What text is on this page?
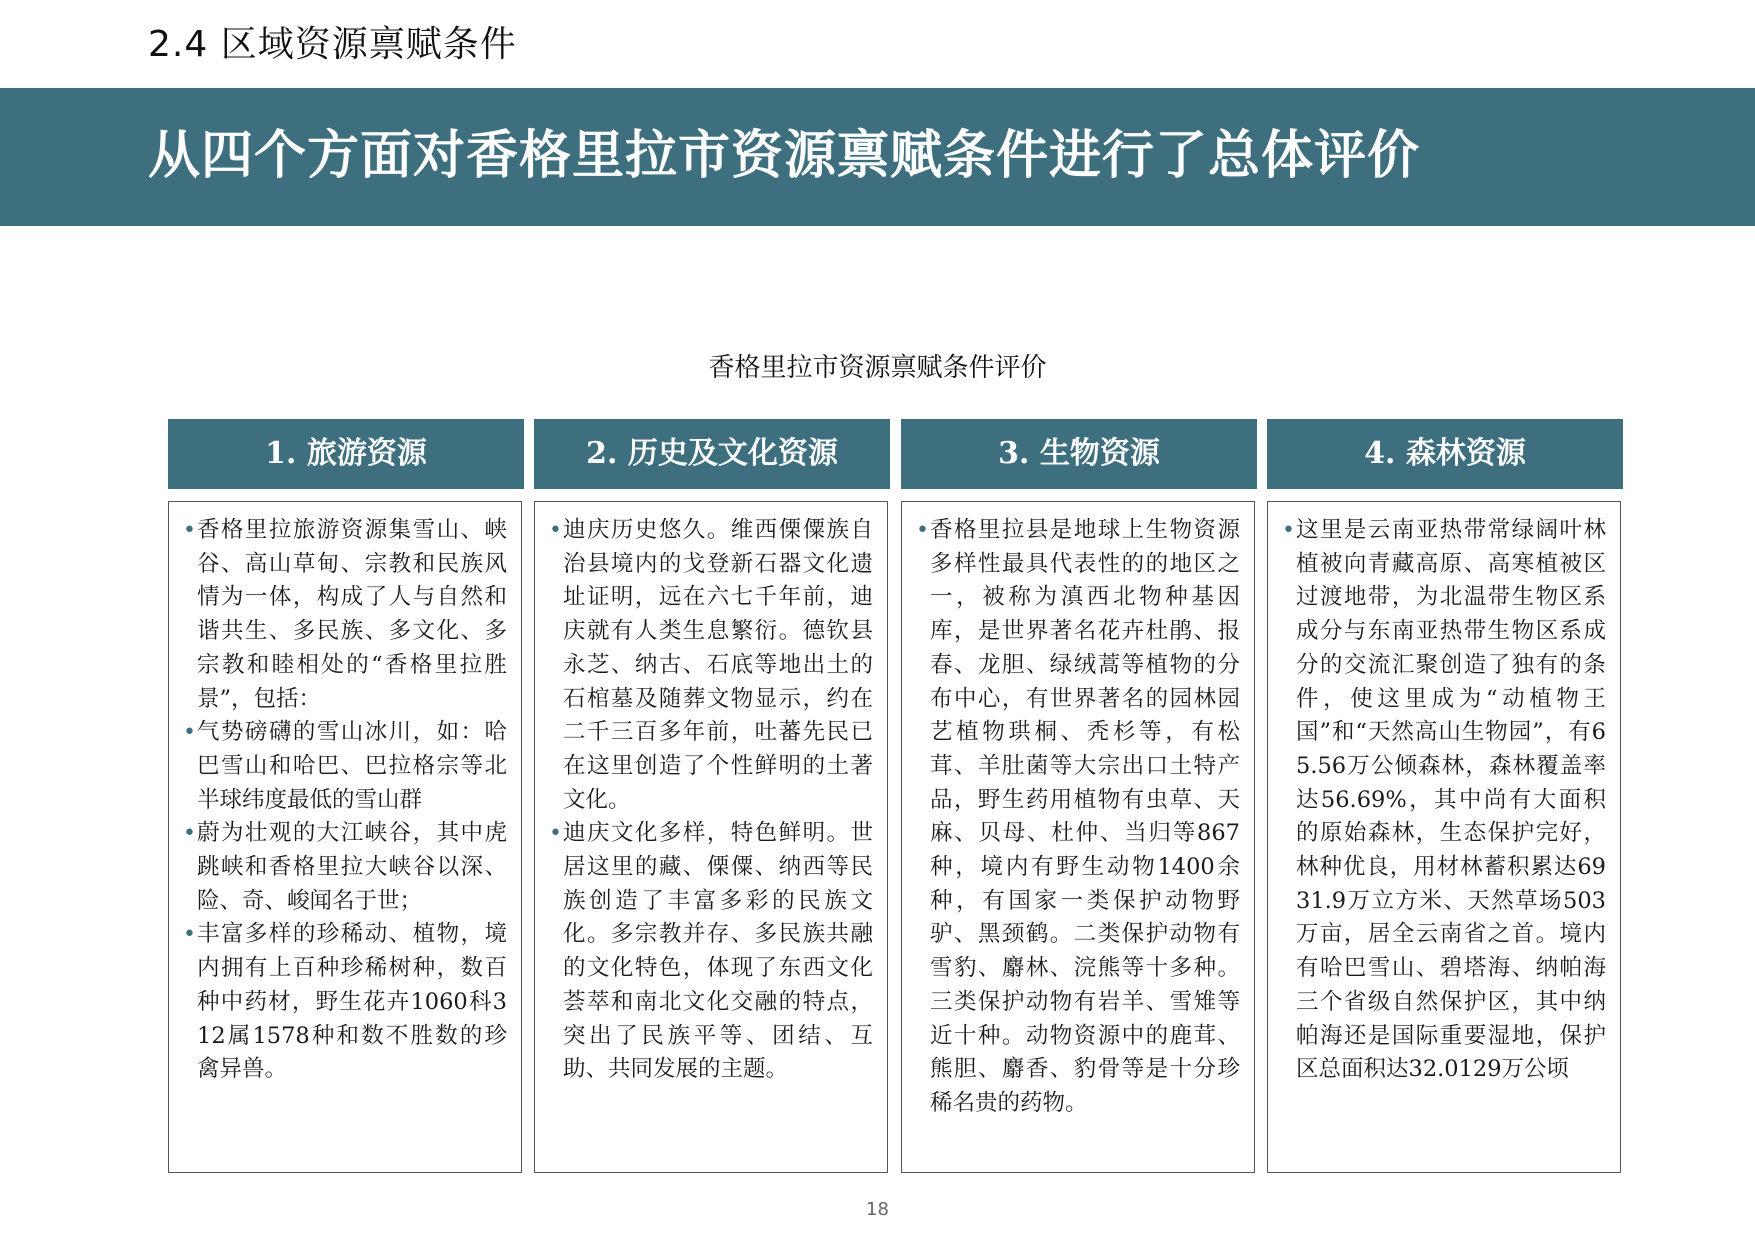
2.4 区域资源禀赋条件
从四个方面对香格里拉市资源禀赋条件进行了总体评价
香格里拉市资源禀赋条件评价
1. 旅游资源

• 香格里拉旅游资源集雪山、峡谷、高山草甸、宗教和民族风情为一体，构成了人与自然和谐共生、多民族、多文化、多宗教和睦相处的“香格里拉胜景”，包括：

• 气势磅礴的雪山冰川，如：哈巴雪山和哈巴、巴拉格宗等北半球纬度最低的雪山群

• 蔚为壮观的大江峡谷，其中虎跳峡和香格里拉大峡谷以深、险、奇、峻闻名于世；

• 丰富多样的珍稀动、植物，境内拥有上百种珍稀树种，数百种中药材，野生花卉1060科312属1578种和数不胜数的珍禽异兽。

2. 历史及文化资源

• 迪庆历史悠久。维西傈僳族自治县境内的戈登新石器文化遗址证明，远在六七千年前，迪庆就有人类生息繁衍。德钦县永芝、纳古、石底等地出土的石棺墓及随葬文物显示，约在二千三百多年前，吐蕃先民已在这里创造了个性鲜明的土著文化。

• 迪庆文化多样，特色鲜明。世居这里的藏、傈僳、纳西等民族创造了丰富多彩的民族文化。多宗教并存、多民族共融的文化特色，体现了东西文化荟萃和南北文化交融的特点，突出了民族平等、团结、互助、共同发展的主题。

3. 生物资源

• 香格里拉县是地球上生物资源多样性最具代表性的的地区之一，被称为滇西北物种基因库，是世界著名花卉杜鹃、报春、龙胆、绿绒蒿等植物的分布中心，有世界著名的园林园艺植物珙桐、秃杉等，有松茸、羊肚菌等大宗出口土特产品，野生药用植物有虫草、天麻、贝母、杜仲、当归等867种，境内有野生动物1400余种，有国家一类保护动物野驴、黑颈鹤。二类保护动物有雪豹、麝林、浣熊等十多种。三类保护动物有岩羊、雪雉等近十种。动物资源中的鹿茸、熊胆、麝香、豹骨等是十分珍稀名贵的药物。

4. 森林资源

• 这里是云南亚热带常绿阔叶林植被向青藏高原、高寒植被区过渡地带，为北温带生物区系成分与东南亚热带生物区系成分的交流汇聚创造了独有的条件，使这里成为“动植物王国”和“天然高山生物园”，有65.56万公倾森林，森林覆盖率达56.69%，其中尚有大面积的原始森林，生态保护完好，林种优良，用材林蓄积累达6931.9万立方米、天然草场503万亩，居全云南省之首。境内有哈巴雪山、碧塔海、纳帕海三个省级自然保护区，其中纳帕海还是国际重要湿地，保护区总面积达32.0129万公顷

18
